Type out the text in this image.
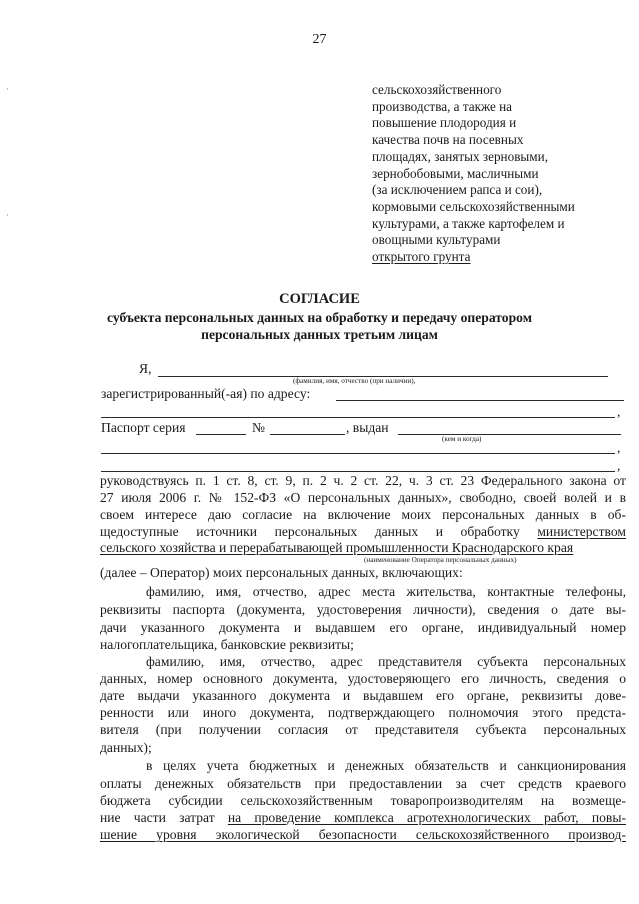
27
·
·
сельскохозяйственного
производства, а также на
повышение плодородия и
качества почв на посевных
площадях, занятых зерновыми,
зернобобовыми, масличными
(за исключением рапса и сои),
кормовыми сельскохозяйственными
культурами, а также картофелем и
овощными культурами
открытого грунта
СОГЛАСИЕ
субъекта персональных данных на обработку и передачу оператором
персональных данных третьим лицам
Я,
(фамилия, имя, отчество (при наличии),
зарегистрированный(-ая) по адресу:
,
Паспорт серия	№	, выдан
(кем и когда)
,
,
руководствуясь п. 1 ст. 8, ст. 9, п. 2 ч. 2 ст. 22, ч. 3 ст. 23 Федерального закона от
27 июля 2006 г. № 152-ФЗ «О персональных данных», свободно, своей волей и в
своем интересе даю согласие на включение моих персональных данных в об-
щедоступные источники персональных данных и обработку министерством
сельского хозяйства и перерабатывающей промышленности Краснодарского края
(наименование Оператора персональных данных)
(далее – Оператор) моих персональных данных, включающих:
фамилию, имя, отчество, адрес места жительства, контактные телефоны,
реквизиты паспорта (документа, удостоверения личности), сведения о дате вы-
дачи указанного документа и выдавшем его органе, индивидуальный номер
налогоплательщика, банковские реквизиты;
фамилию, имя, отчество, адрес представителя субъекта персональных
данных, номер основного документа, удостоверяющего его личность, сведения о
дате выдачи указанного документа и выдавшем его органе, реквизиты дове-
ренности или иного документа, подтверждающего полномочия этого предста-
вителя (при получении согласия от представителя субъекта персональных
данных);
в целях учета бюджетных и денежных обязательств и санкционирования
оплаты денежных обязательств при предоставлении за счет средств краевого
бюджета субсидии сельскохозяйственным товаропроизводителям на возмеще-
ние части затрат на проведение комплекса агротехнологических работ, повы-
шение уровня экологической безопасности сельскохозяйственного производ-
